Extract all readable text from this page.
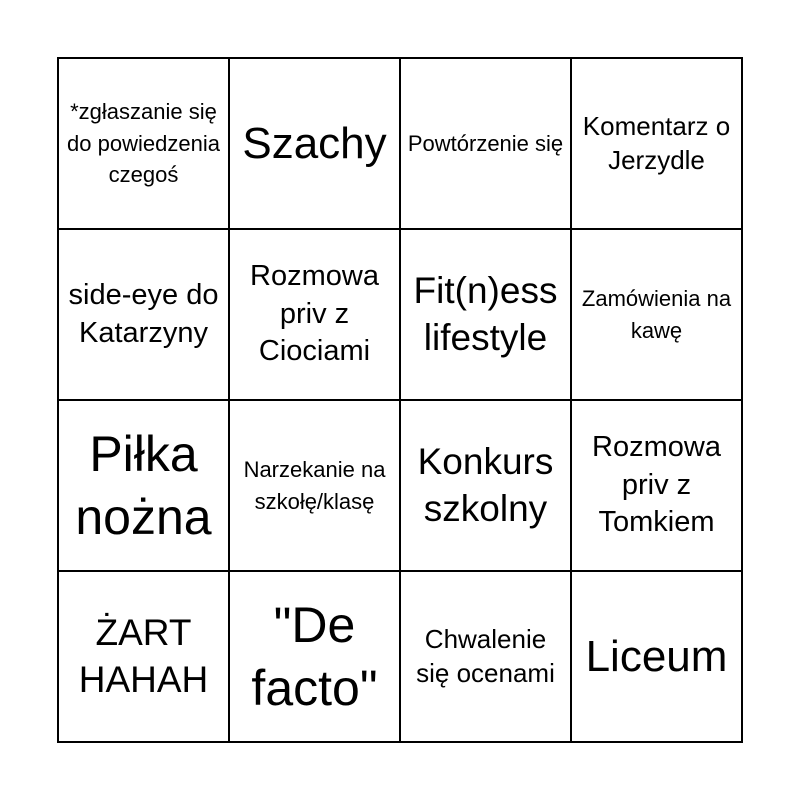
*zgłaszanie się do powiedzenia czegoś
Szachy Powtórzenie się
Komentarz o Jerzydle
side-eye do Katarzyny
Rozmowa priv z Ciociami
Fit(n)ess lifestyle
Zamówienia na kawę
Piłka nożna
Narzekanie na szkołę/klasę
Konkurs szkolny
Rozmowa priv z Tomkiem
ŻART HAHAH
"De facto"
Chwalenie się ocenami Liceum
